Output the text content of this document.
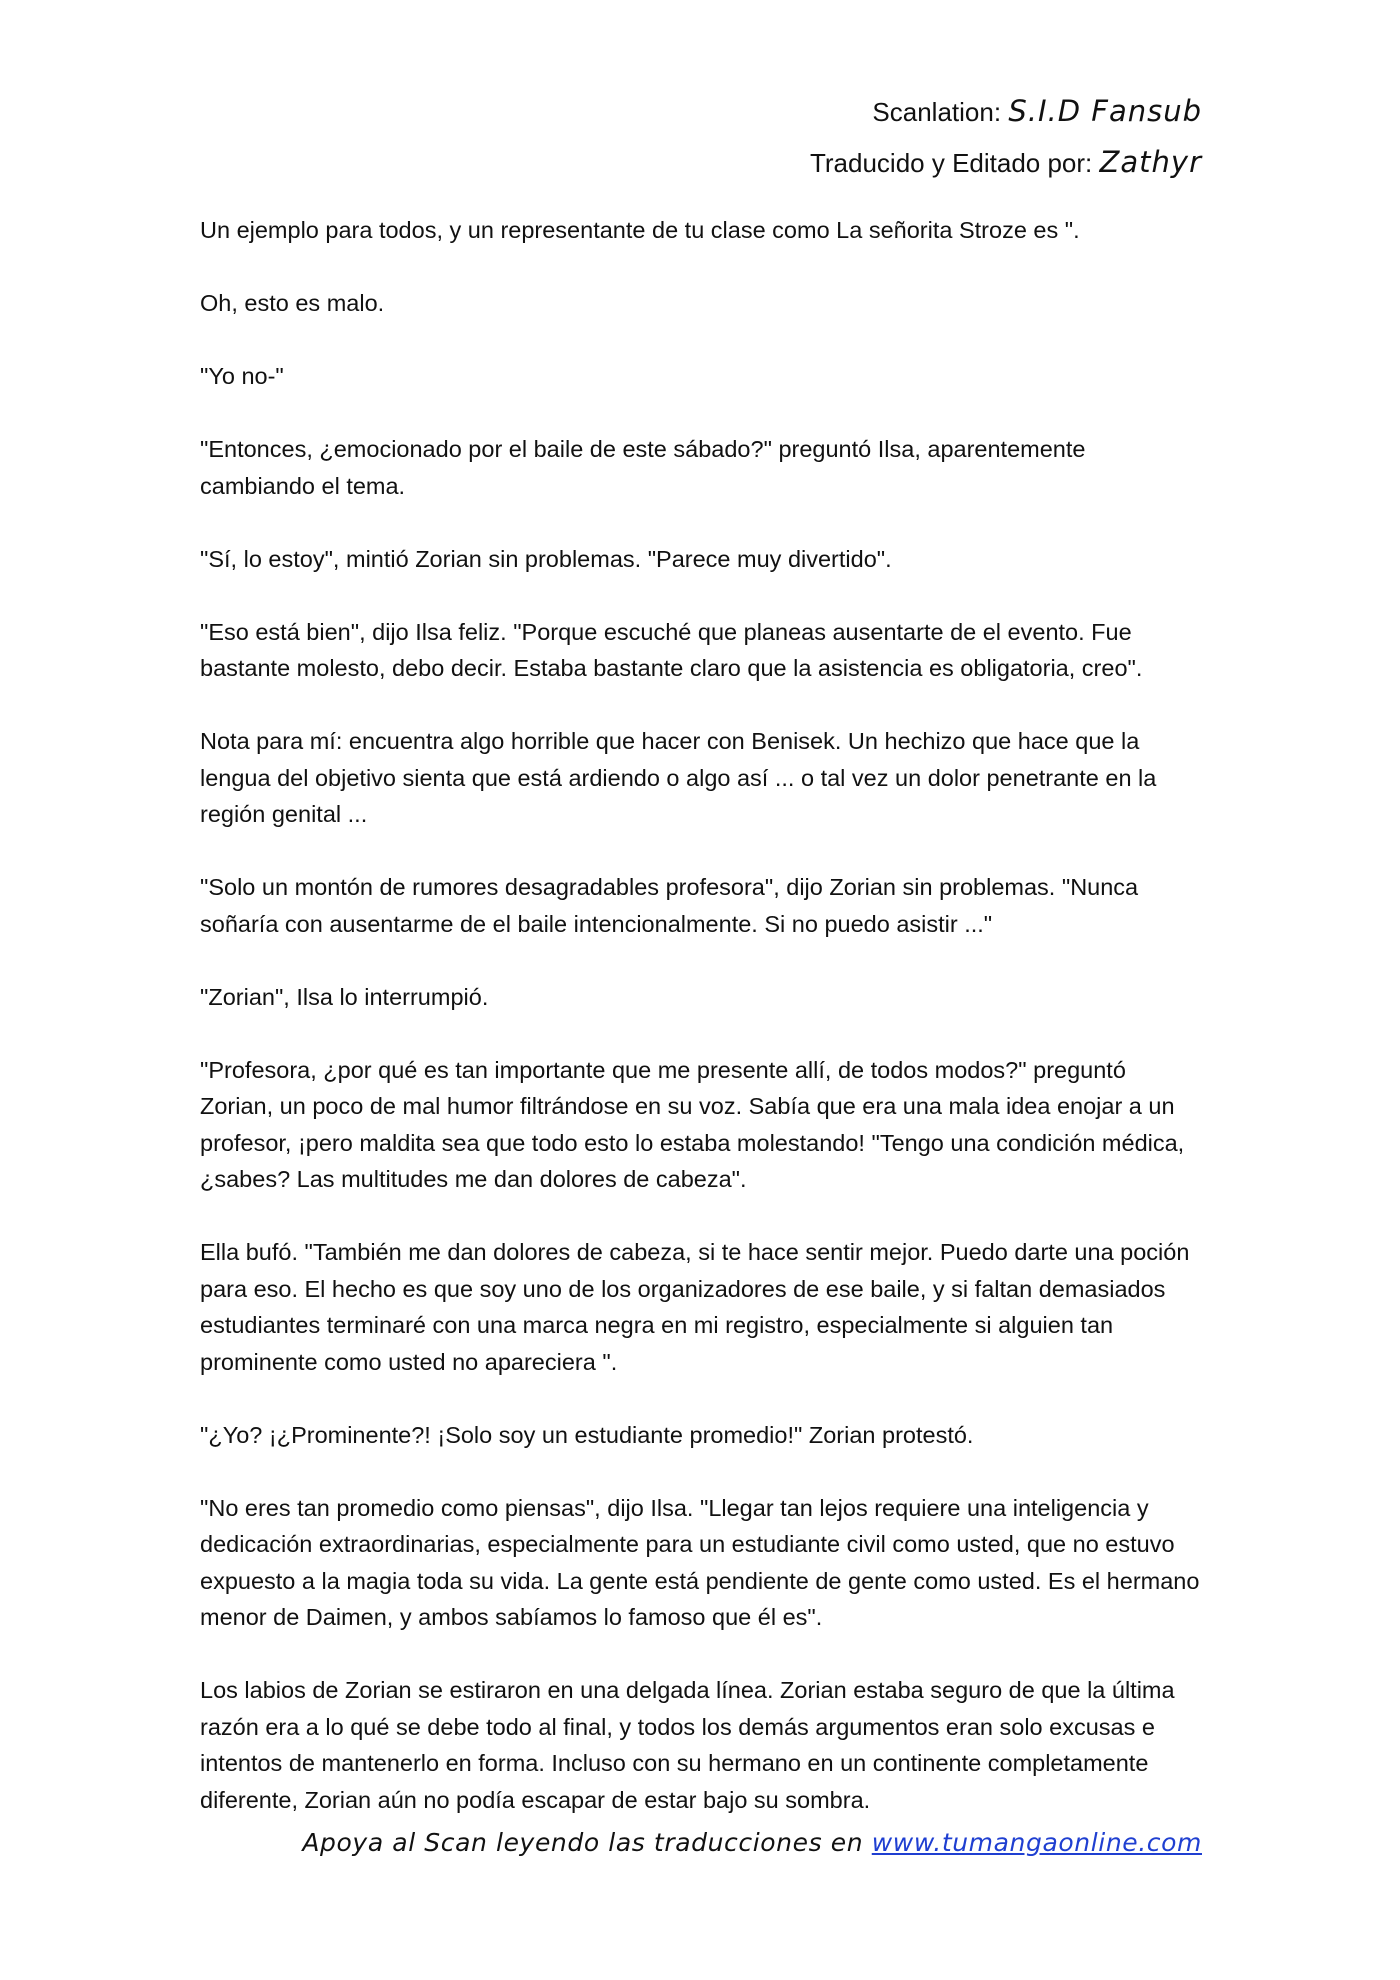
Scanlation: S.I.D Fansub
Traducido y Editado por: Zathyr

Un ejemplo para todos, y un representante de tu clase como La señorita Stroze es ".

Oh, esto es malo.

"Yo no-"

"Entonces, ¿emocionado por el baile de este sábado?" preguntó Ilsa, aparentemente
cambiando el tema.

"Sí, lo estoy", mintió Zorian sin problemas. "Parece muy divertido".

"Eso está bien", dijo Ilsa feliz. "Porque escuché que planeas ausentarte de el evento. Fue
bastante molesto, debo decir. Estaba bastante claro que la asistencia es obligatoria, creo".

Nota para mí: encuentra algo horrible que hacer con Benisek. Un hechizo que hace que la
lengua del objetivo sienta que está ardiendo o algo así ... o tal vez un dolor penetrante en la
región genital ...

"Solo un montón de rumores desagradables profesora", dijo Zorian sin problemas. "Nunca
soñaría con ausentarme de el baile intencionalmente. Si no puedo asistir ..."

"Zorian", Ilsa lo interrumpió.

"Profesora, ¿por qué es tan importante que me presente allí, de todos modos?" preguntó
Zorian, un poco de mal humor filtrándose en su voz. Sabía que era una mala idea enojar a un
profesor, ¡pero maldita sea que todo esto lo estaba molestando! "Tengo una condición médica,
¿sabes? Las multitudes me dan dolores de cabeza".

Ella bufó. "También me dan dolores de cabeza, si te hace sentir mejor. Puedo darte una poción
para eso. El hecho es que soy uno de los organizadores de ese baile, y si faltan demasiados
estudiantes terminaré con una marca negra en mi registro, especialmente si alguien tan
prominente como usted no apareciera ".

"¿Yo? ¡¿Prominente?! ¡Solo soy un estudiante promedio!" Zorian protestó.

"No eres tan promedio como piensas", dijo Ilsa. "Llegar tan lejos requiere una inteligencia y
dedicación extraordinarias, especialmente para un estudiante civil como usted, que no estuvo
expuesto a la magia toda su vida. La gente está pendiente de gente como usted. Es el hermano
menor de Daimen, y ambos sabíamos lo famoso que él es".

Los labios de Zorian se estiraron en una delgada línea. Zorian estaba seguro de que la última
razón era a lo qué se debe todo al final, y todos los demás argumentos eran solo excusas e
intentos de mantenerlo en forma. Incluso con su hermano en un continente completamente
diferente, Zorian aún no podía escapar de estar bajo su sombra.

Apoya al Scan leyendo las traducciones en www.tumangaonline.com
